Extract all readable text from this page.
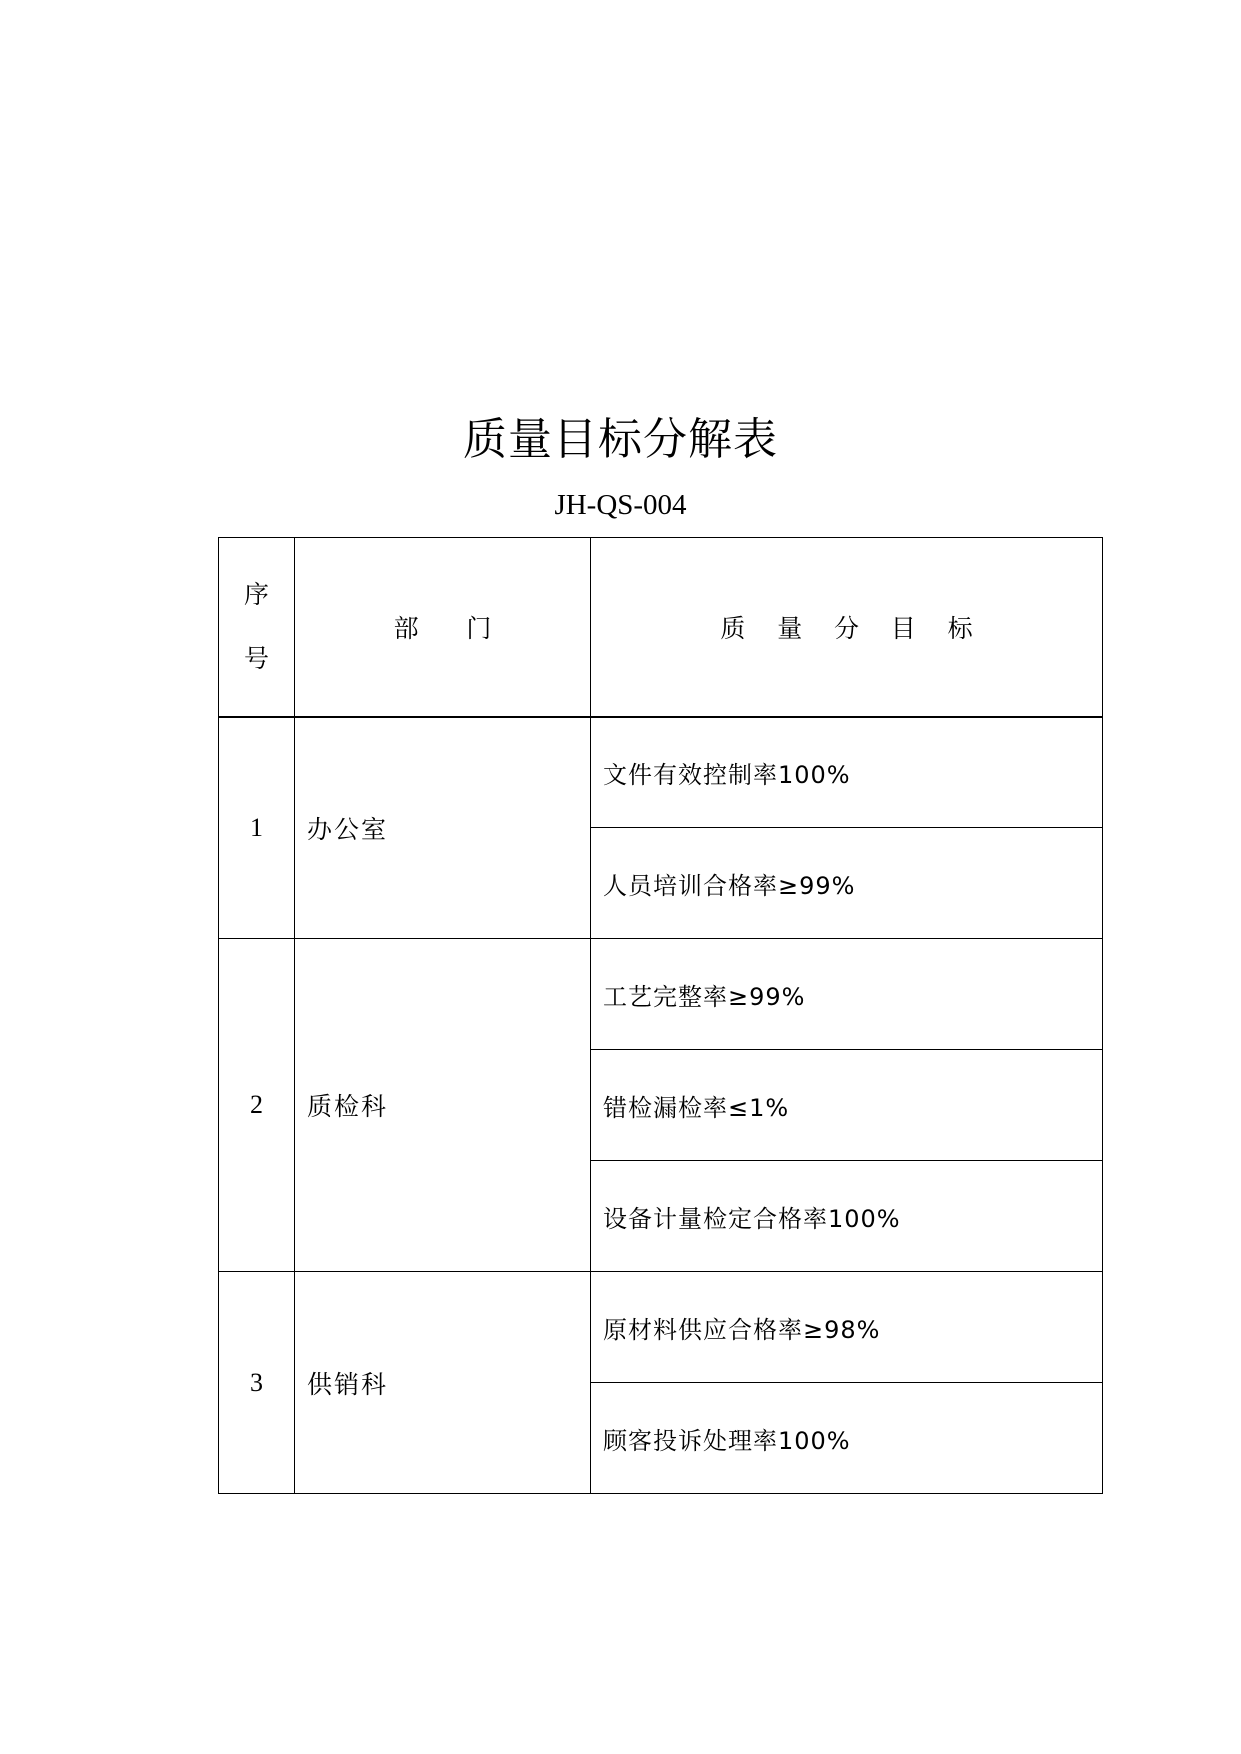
质量目标分解表
JH-QS-004
序
号	部      门	质    量    分    目    标
1	办公室	文件有效控制率100%
		人员培训合格率≥99%
2	质检科	工艺完整率≥99%
		错检漏检率≤1%
		设备计量检定合格率100%
3	供销科	原材料供应合格率≥98%
		顾客投诉处理率100%
